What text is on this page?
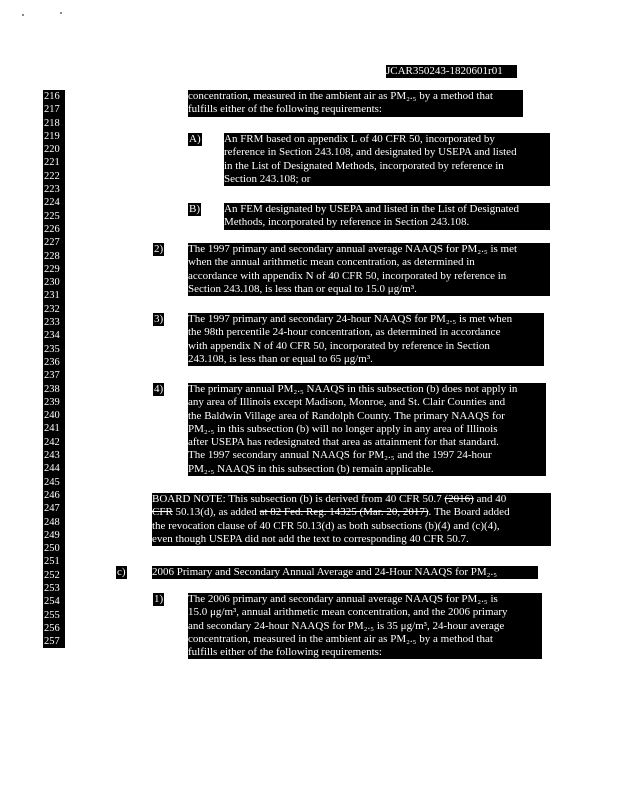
JCAR350243-1820601r01
216
217
218
219
220
221
222
223
224
225
226
227
228
229
230
231
232
233
234
235
236
237
238
239
240
241
242
243
244
245
246
247
248
249
250
251
252
253
254
255
256
257
concentration, measured in the ambient air as PM₂.₅ by a method that
fulfills either of the following requirements:
A) An FRM based on appendix L of 40 CFR 50, incorporated by
reference in Section 243.108, and designated by USEPA and listed
in the List of Designated Methods, incorporated by reference in
Section 243.108; or
B) An FEM designated by USEPA and listed in the List of Designated
Methods, incorporated by reference in Section 243.108.
2) The 1997 primary and secondary annual average NAAQS for PM₂.₅ is met
when the annual arithmetic mean concentration, as determined in
accordance with appendix N of 40 CFR 50, incorporated by reference in
Section 243.108, is less than or equal to 15.0 μg/m³.
3) The 1997 primary and secondary 24-hour NAAQS for PM₂.₅ is met when
the 98th percentile 24-hour concentration, as determined in accordance
with appendix N of 40 CFR 50, incorporated by reference in Section
243.108, is less than or equal to 65 μg/m³.
4) The primary annual PM₂.₅ NAAQS in this subsection (b) does not apply in
any area of Illinois except Madison, Monroe, and St. Clair Counties and
the Baldwin Village area of Randolph County. The primary NAAQS for
PM₂.₅ in this subsection (b) will no longer apply in any area of Illinois
after USEPA has redesignated that area as attainment for that standard.
The 1997 secondary annual NAAQS for PM₂.₅ and the 1997 24-hour
PM₂.₅ NAAQS in this subsection (b) remain applicable.
BOARD NOTE: This subsection (b) is derived from 40 CFR 50.7 (2016) and 40
CFR 50.13(d), as added at 82 Fed. Reg. 14325 (Mar. 20, 2017). The Board added
the revocation clause of 40 CFR 50.13(d) as both subsections (b)(4) and (c)(4),
even though USEPA did not add the text to corresponding 40 CFR 50.7.
c) 2006 Primary and Secondary Annual Average and 24-Hour NAAQS for PM₂.₅
1) The 2006 primary and secondary annual average NAAQS for PM₂.₅ is
15.0 μg/m³, annual arithmetic mean concentration, and the 2006 primary
and secondary 24-hour NAAQS for PM₂.₅ is 35 μg/m³, 24-hour average
concentration, measured in the ambient air as PM₂.₅ by a method that
fulfills either of the following requirements:
